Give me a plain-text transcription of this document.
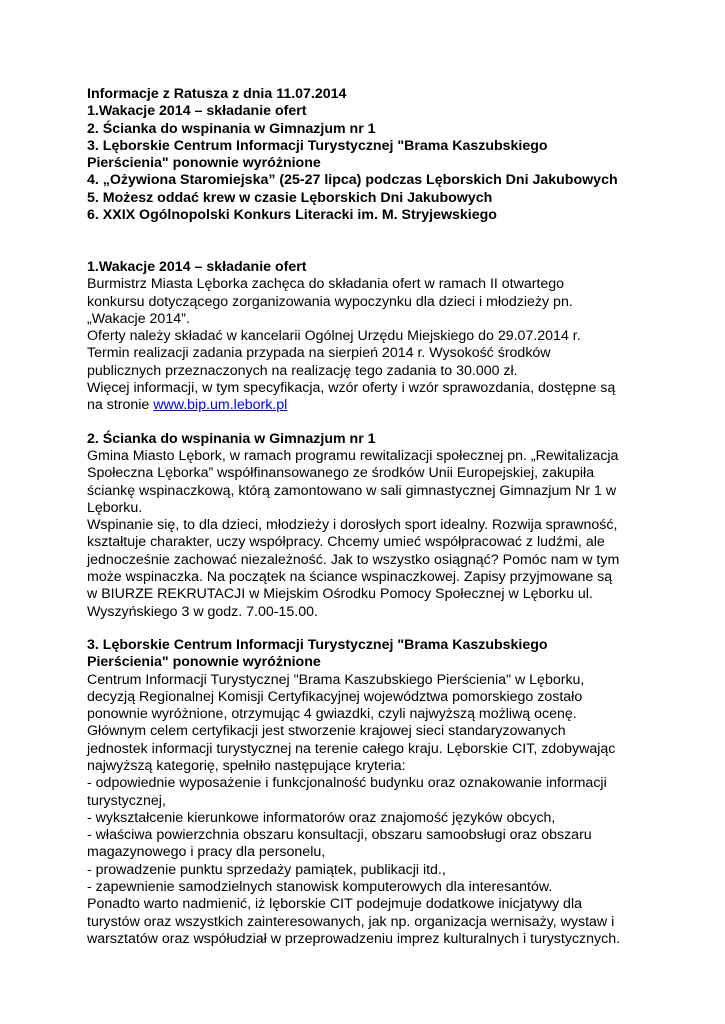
Informacje z Ratusza z dnia 11.07.2014
1.Wakacje 2014 – składanie ofert
2. Ścianka do wspinania w Gimnazjum nr 1
3. Lęborskie Centrum Informacji Turystycznej "Brama Kaszubskiego
Pierścienia" ponownie wyróżnione
4. „Ożywiona Staromiejska” (25-27 lipca) podczas Lęborskich Dni Jakubowych
5. Możesz oddać krew w czasie Lęborskich Dni Jakubowych
6. XXIX Ogólnopolski Konkurs Literacki im. M. Stryjewskiego
1.Wakacje 2014 – składanie ofert
Burmistrz Miasta Lęborka zachęca do składania ofert w ramach II otwartego
konkursu dotyczącego zorganizowania wypoczynku dla dzieci i młodzieży pn.
„Wakacje 2014”.
Oferty należy składać w kancelarii Ogólnej Urzędu Miejskiego do 29.07.2014 r.
Termin realizacji zadania przypada na sierpień 2014 r. Wysokość środków
publicznych przeznaczonych na realizację tego zadania to 30.000 zł.
Więcej informacji, w tym specyfikacja, wzór oferty i wzór sprawozdania, dostępne są
na stronie www.bip.um.lebork.pl
2. Ścianka do wspinania w Gimnazjum nr 1
Gmina Miasto Lębork, w ramach programu rewitalizacji społecznej pn. „Rewitalizacja
Społeczna Lęborka” współfinansowanego ze środków Unii Europejskiej, zakupiła
ściankę wspinaczkową, którą zamontowano w sali gimnastycznej Gimnazjum Nr 1 w
Lęborku.
Wspinanie się, to dla dzieci, młodzieży i dorosłych sport idealny. Rozwija sprawność,
kształtuje charakter, uczy współpracy. Chcemy umieć współpracować z ludźmi, ale
jednocześnie zachować niezależność. Jak to wszystko osiągnąć? Pomóc nam w tym
może wspinaczka. Na początek na ściance wspinaczkowej. Zapisy przyjmowane są
w BIURZE REKRUTACJI w Miejskim Ośrodku Pomocy Społecznej w Lęborku ul.
Wyszyńskiego 3 w godz. 7.00-15.00.
3. Lęborskie Centrum Informacji Turystycznej "Brama Kaszubskiego
Pierścienia" ponownie wyróżnione
Centrum Informacji Turystycznej "Brama Kaszubskiego Pierścienia" w Lęborku,
decyzją Regionalnej Komisji Certyfikacyjnej województwa pomorskiego zostało
ponownie wyróżnione, otrzymując 4 gwiazdki, czyli najwyższą możliwą ocenę.
Głównym celem certyfikacji jest stworzenie krajowej sieci standaryzowanych
jednostek informacji turystycznej na terenie całego kraju. Lęborskie CIT, zdobywając
najwyższą kategorię, spełniło następujące kryteria:
- odpowiednie wyposażenie i funkcjonalność budynku oraz oznakowanie informacji
turystycznej,
- wykształcenie kierunkowe informatorów oraz znajomość języków obcych,
- właściwa powierzchnia obszaru konsultacji, obszaru samoobsługi oraz obszaru
magazynowego i pracy dla personelu,
- prowadzenie punktu sprzedaży pamiątek, publikacji itd.,
- zapewnienie samodzielnych stanowisk komputerowych dla interesantów.
Ponadto warto nadmienić, iż lęborskie CIT podejmuje dodatkowe inicjatywy dla
turystów oraz wszystkich zainteresowanych, jak np. organizacja wernisaży, wystaw i
warsztatów oraz współudział w przeprowadzeniu imprez kulturalnych i turystycznych.
